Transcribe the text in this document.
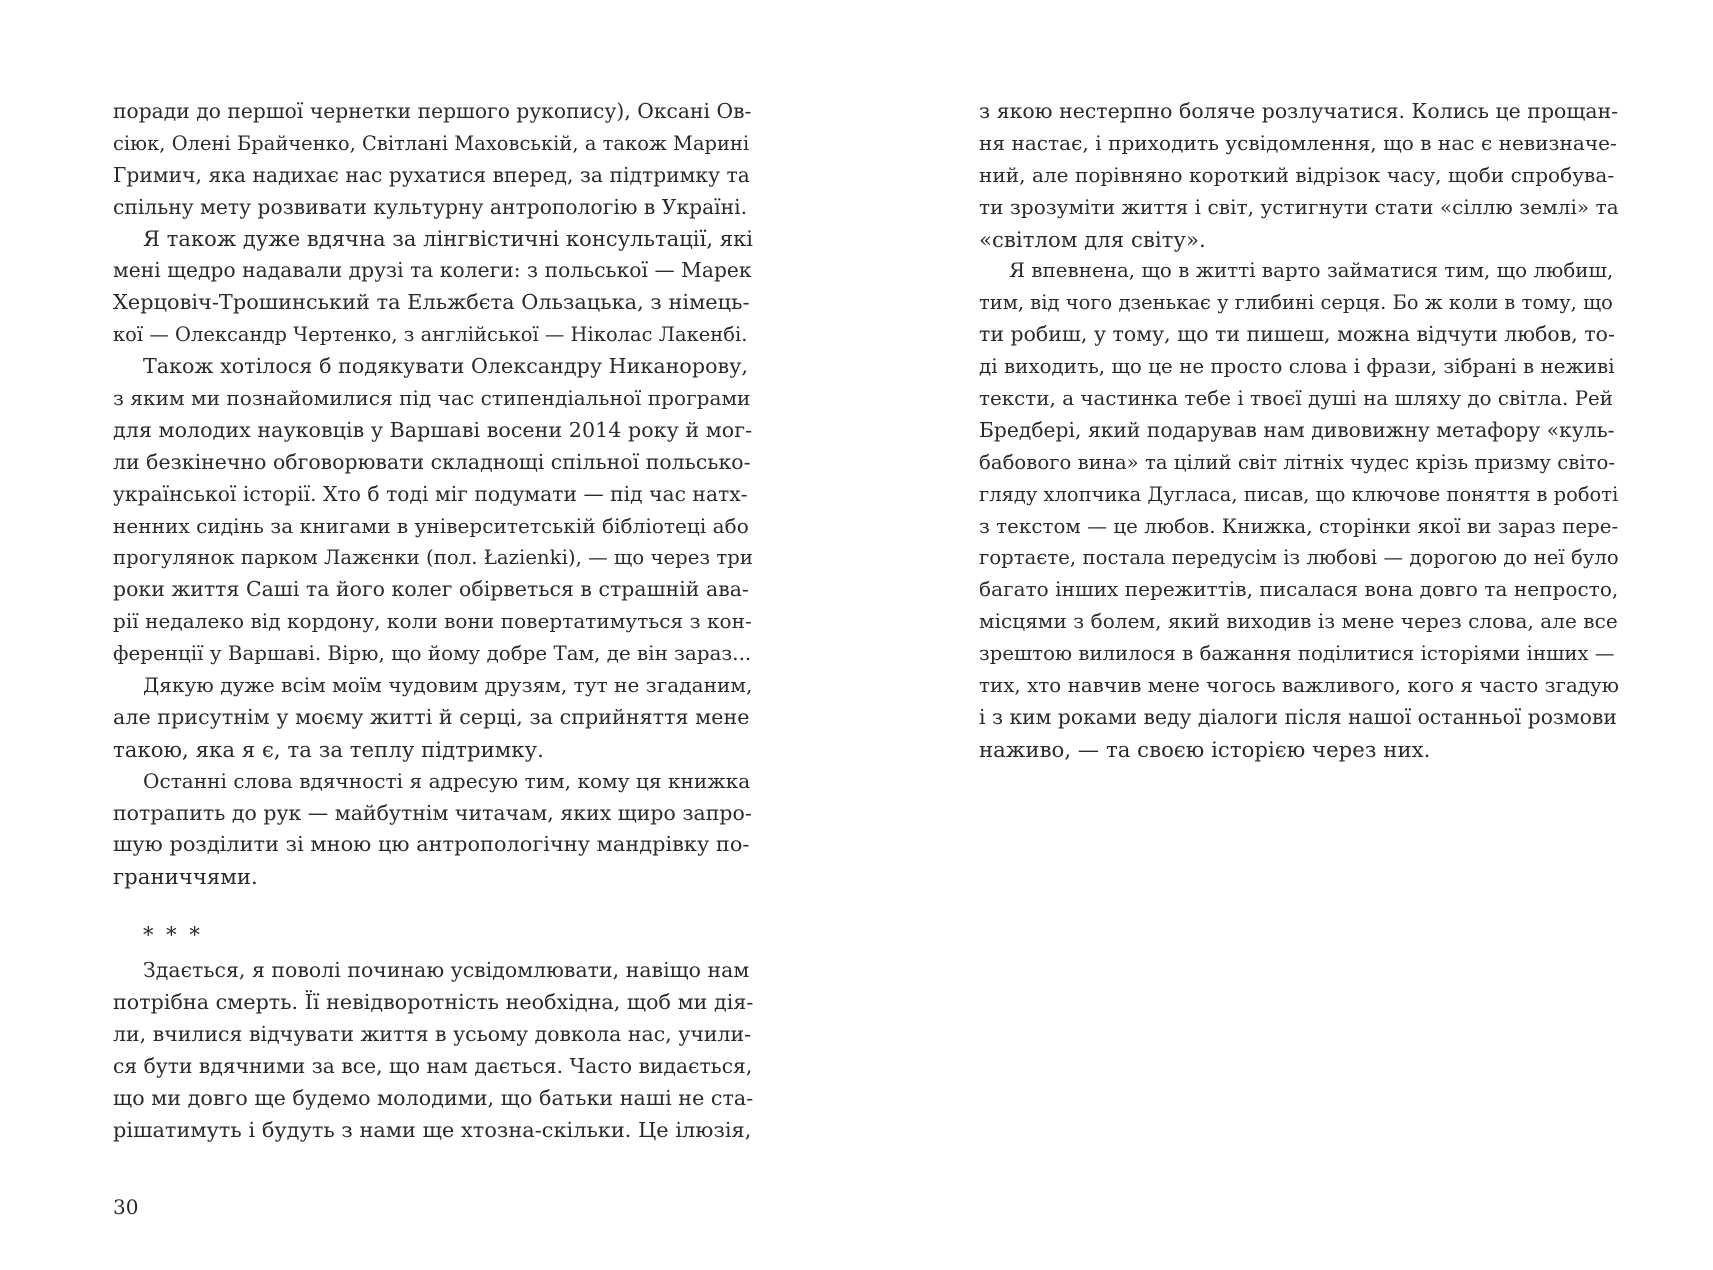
поради до першої чернетки першого рукопису), Оксані Ов-
сіюк, Олені Брайченко, Світлані Маховській, а також Марині
Гримич, яка надихає нас рухатися вперед, за підтримку та
спільну мету розвивати культурну антропологію в Україні.
Я також дуже вдячна за лінгвістичні консультації, які
мені щедро надавали друзі та колеги: з польської — Марек
Херцовіч-Трошинський та Ельжбєта Ользацька, з німець-
кої — Олександр Чертенко, з англійської — Ніколас Лакенбі.
Також хотілося б подякувати Олександру Никанорову,
з яким ми познайомилися під час стипендіальної програми
для молодих науковців у Варшаві восени 2014 року й мог-
ли безкінечно обговорювати складнощі спільної польсько-
української історії. Хто б тоді міг подумати — під час натх-
ненних сидінь за книгами в університетській бібліотеці або
прогулянок парком Лажєнки (пол. Łazienki), — що через три
роки життя Саші та його колег обірветься в страшній ава-
рії недалеко від кордону, коли вони повертатимуться з кон-
ференції у Варшаві. Вірю, що йому добре Там, де він зараз...
Дякую дуже всім моїм чудовим друзям, тут не згаданим,
але присутнім у моєму житті й серці, за сприйняття мене
такою, яка я є, та за теплу підтримку.
Останні слова вдячності я адресую тим, кому ця книжка
потрапить до рук — майбутнім читачам, яких щиро запро-
шую розділити зі мною цю антропологічну мандрівку по-
граниччями.
* * *
Здається, я поволі починаю усвідомлювати, навіщо нам
потрібна смерть. Її невідворотність необхідна, щоб ми дія-
ли, вчилися відчувати життя в усьому довкола нас, учили-
ся бути вдячними за все, що нам дається. Часто видається,
що ми довго ще будемо молодими, що батьки наші не ста-
рішатимуть і будуть з нами ще хтозна-скільки. Це ілюзія,
з якою нестерпно боляче розлучатися. Колись це прощан-
ня настає, і приходить усвідомлення, що в нас є невизначе-
ний, але порівняно короткий відрізок часу, щоби спробува-
ти зрозуміти життя і світ, устигнути стати «сіллю землі» та
«світлом для світу».
Я впевнена, що в житті варто займатися тим, що любиш,
тим, від чого дзенькає у глибині серця. Бо ж коли в тому, що
ти робиш, у тому, що ти пишеш, можна відчути любов, то-
ді виходить, що це не просто слова і фрази, зібрані в неживі
тексти, а частинка тебе і твоєї душі на шляху до світла. Рей
Бредбері, який подарував нам дивовижну метафору «куль-
бабового вина» та цілий світ літніх чудес крізь призму світо-
гляду хлопчика Дугласа, писав, що ключове поняття в роботі
з текстом — це любов. Книжка, сторінки якої ви зараз пере-
гортаєте, постала передусім із любові — дорогою до неї було
багато інших пережиттів, писалася вона довго та непросто,
місцями з болем, який виходив із мене через слова, але все
зрештою вилилося в бажання поділитися історіями інших —
тих, хто навчив мене чогось важливого, кого я часто згадую
і з ким роками веду діалоги після нашої останньої розмови
наживо, — та своєю історією через них.
30
